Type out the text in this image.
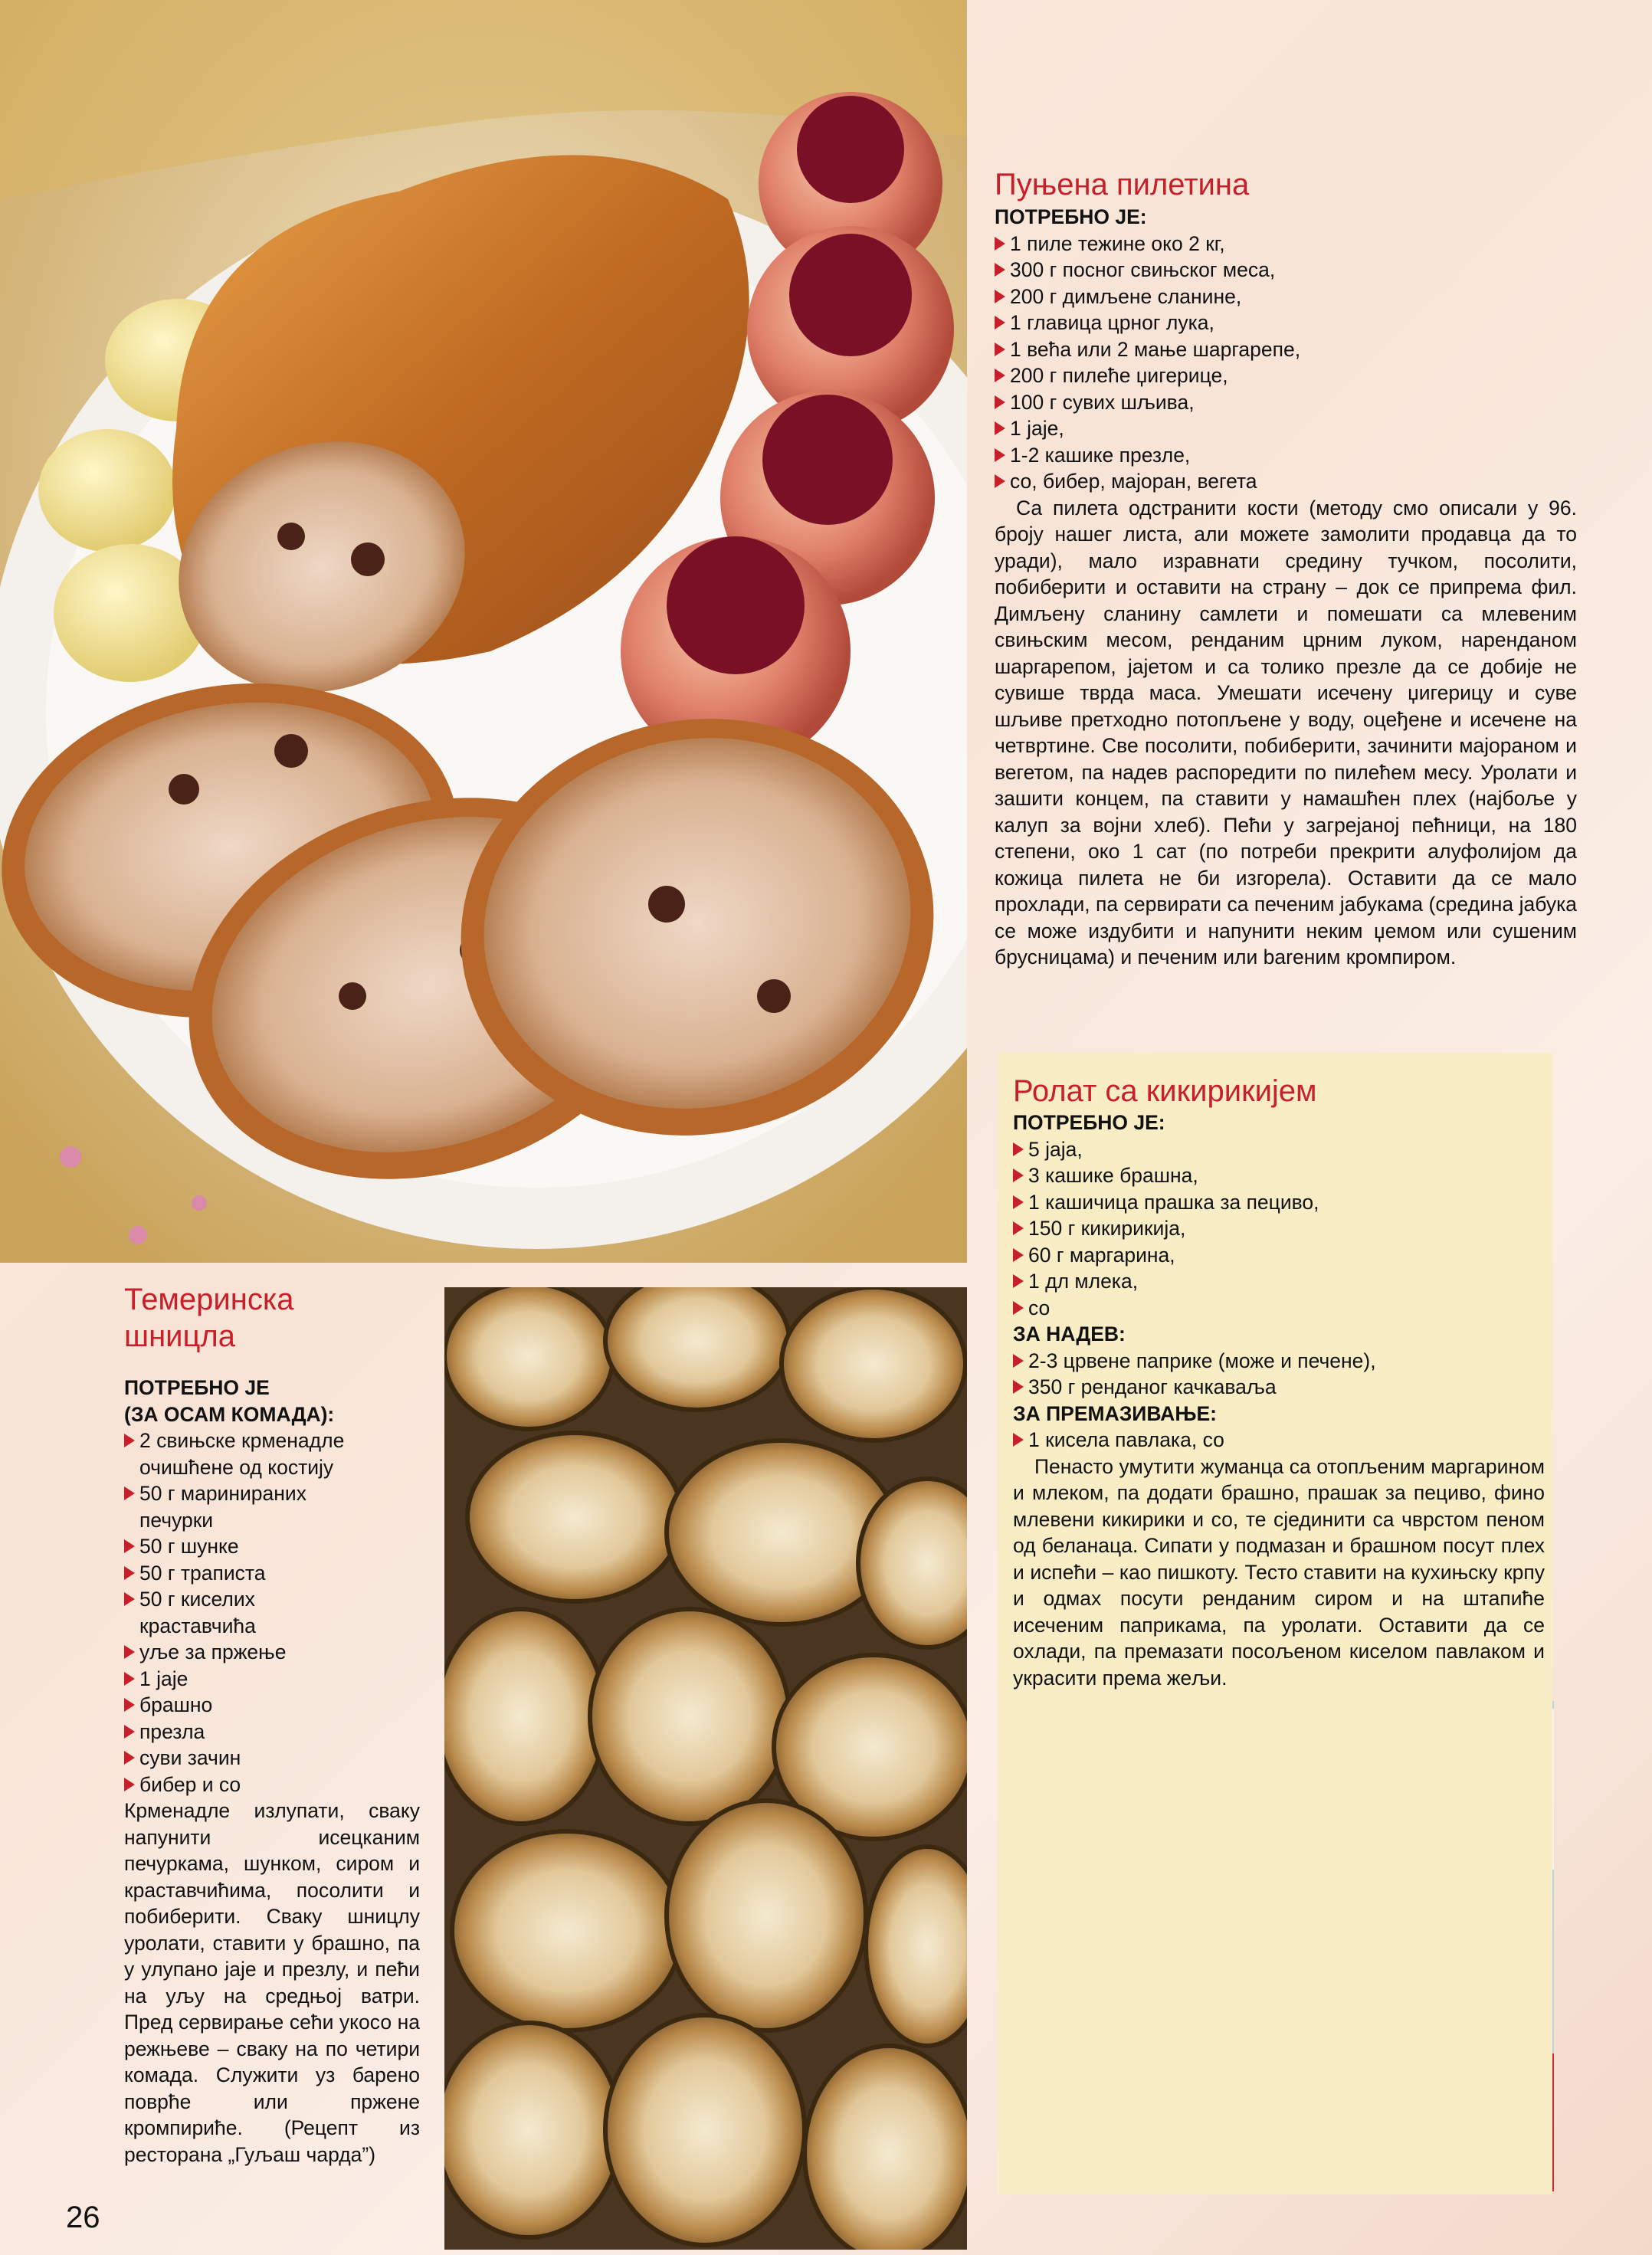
Пуњена пилетина
ПОТРЕБНО ЈЕ:
1 пиле тежине око 2 кг,
300 г посног свињског меса,
200 г димљене сланине,
1 главица црног лука,
1 већа или 2 мање шаргарепе,
200 г пилеће џигерице,
100 г сувих шљива,
1 јаје,
1-2 кашике презле,
со, бибер, мајоран, вегета

Са пилета одстранити кости (методу смо описали у 96. броју нашег листа, али можете замолити продавца да то уради), мало изравнати средину тучком, посолити, побиберити и оставити на страну – док се припрема фил. Димљену сланину самлети и помешати са млевеним свињским месом, ренданим црним луком, нарендaном шаргарепом, јајетом и са толико презле да се добије не сувише тврда маса. Умешати исечену џигерицу и суве шљиве претходно потопљене у воду, оцеђене и исечене на четвртине. Све посолити, побиберити, зачинити мајораном и вегетом, па надев распоредити по пилећем месу. Уролати и зашити концем, па ставити у намашћен плех (најбоље у калуп за војни хлеб). Пећи у загрејаној пећници, на 180 степени, око 1 сат (по потреби прекрити алуфолијом да кожица пилета не би изгорела). Оставити да се мало прохлади, па сервирати са печеним јабукама (средина јабука се може издубити и напунити неким џемом или сушеним брусницама) и печеним или bareним кромпиром.

Ролат са кикирикијем
ПОТРЕБНО ЈЕ:
5 јаја,
3 кашике брашна,
1 кашичица прашка за пециво,
150 г кикирикија,
60 г маргарина,
1 дл млека,
со
ЗА НАДЕВ:
2-3 црвене паприке (може и печене),
350 г ренданог качкаваља
ЗА ПРЕМАЗИВАЊЕ:
1 кисела павлака, со

Пенасто умутити жуманца са отопљеним маргарином и млеком, па додати брашно, прашак за пециво, фино млевени кикирики и со, те сјединити са чврстом пеном од беланаца. Сипати у подмазан и брашном посут плех и испећи – као пишкоту. Тесто ставити на кухињску крпу и одмах посути ренданим сиром и на штапиће исеченим паприкама, па уролати. Оставити да се охлади, па премазати посољеном киселом павлаком и украсити према жељи.

Темеринска
шницла
ПОТРЕБНО ЈЕ
(ЗА ОСАМ КОМАДА):
2 свињске крменадле
очишћене од костију
50 г маринираних
печурки
50 г шунке
50 г траписта
50 г киселих
краставчића
уље за пржење
1 јаје
брашно
презла
суви зачин
бибер и со

Крменадле излупати, сваку напунити исецканим печуркама, шунком, сиром и краставчићима, посолити и побиберити. Сваку шницлу уролати, ставити у брашно, па у улупано јаје и презлу, и пећи на уљу на средњој ватри. Пред сервирање сећи укосо на режњеве – сваку на по четири комада. Служити уз барено поврће или пржене кромпириће. (Рецепт из ресторана „Гуљаш чарда”)

26
